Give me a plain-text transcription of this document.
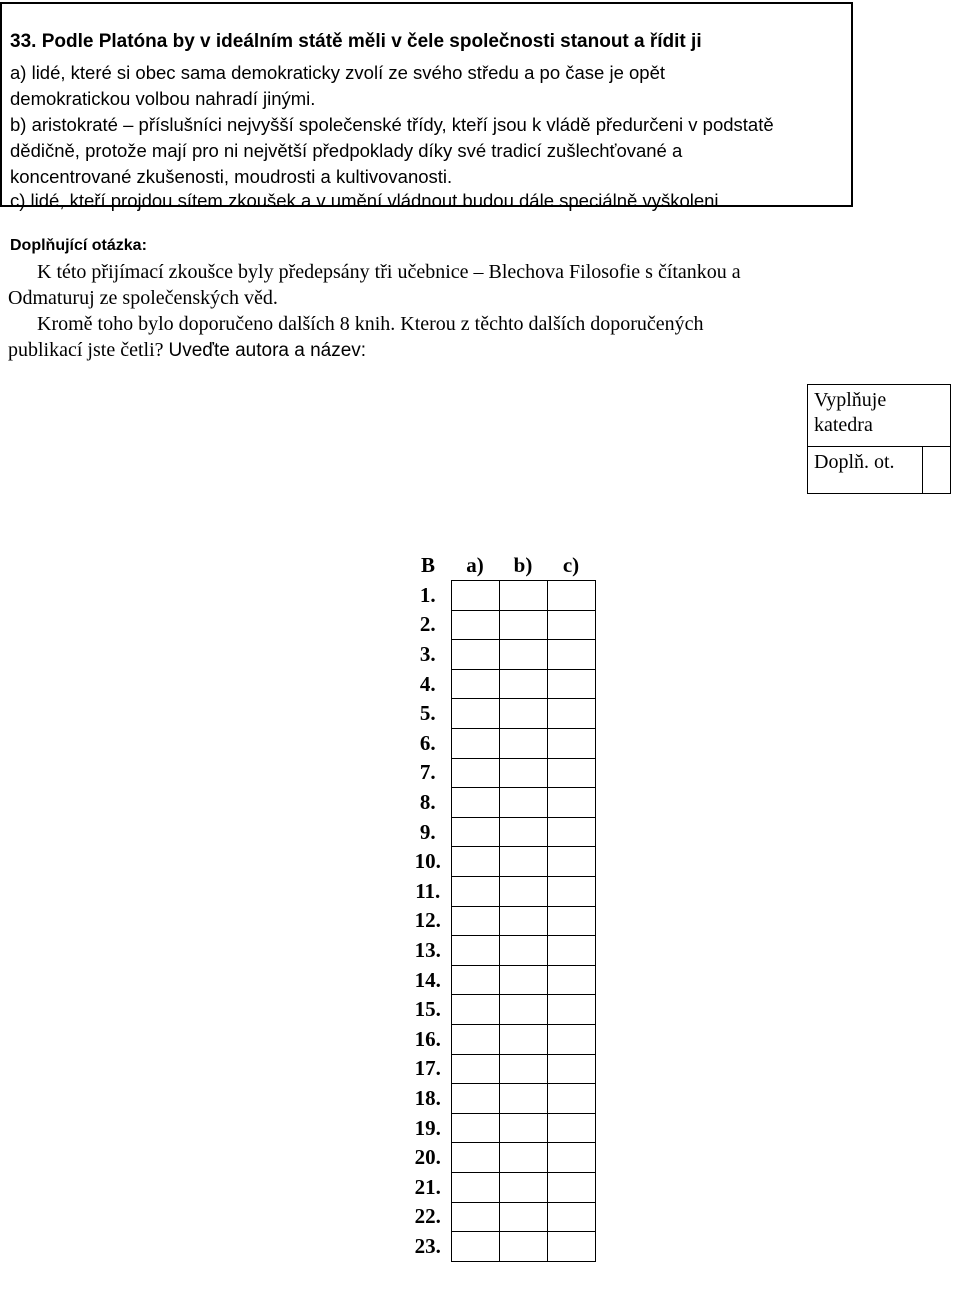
33. Podle Platóna by v ideálním státě měli v čele společnosti stanout a řídit ji
a) lidé, které si obec sama demokraticky zvolí ze svého středu a po čase je opět
demokratickou volbou nahradí jinými.
b) aristokraté – příslušníci nejvyšší společenské třídy, kteří jsou k vládě předurčeni v podstatě
dědičně, protože mají pro ni největší předpoklady díky své tradicí zušlechťované a
koncentrované zkušenosti, moudrosti a kultivovanosti.
c) lidé, kteří projdou sítem zkoušek a v umění vládnout budou dále speciálně vyškoleni.
Doplňující otázka:
K této přijímací zkoušce byly předepsány tři učebnice – Blechova Filosofie s čítankou a
Odmaturuj ze společenských věd.
Kromě toho bylo doporučeno dalších 8 knih. Kterou z těchto dalších doporučených
publikací jste četli? Uveďte autora a název:
Vyplňuje
katedra

Doplň. ot.	
B	a)	b)	c)
1.			
2.			
3.			
4.			
5.			
6.			
7.			
8.			
9.			
10.			
11.			
12.			
13.			
14.			
15.			
16.			
17.			
18.			
19.			
20.			
21.			
22.			
23.			
